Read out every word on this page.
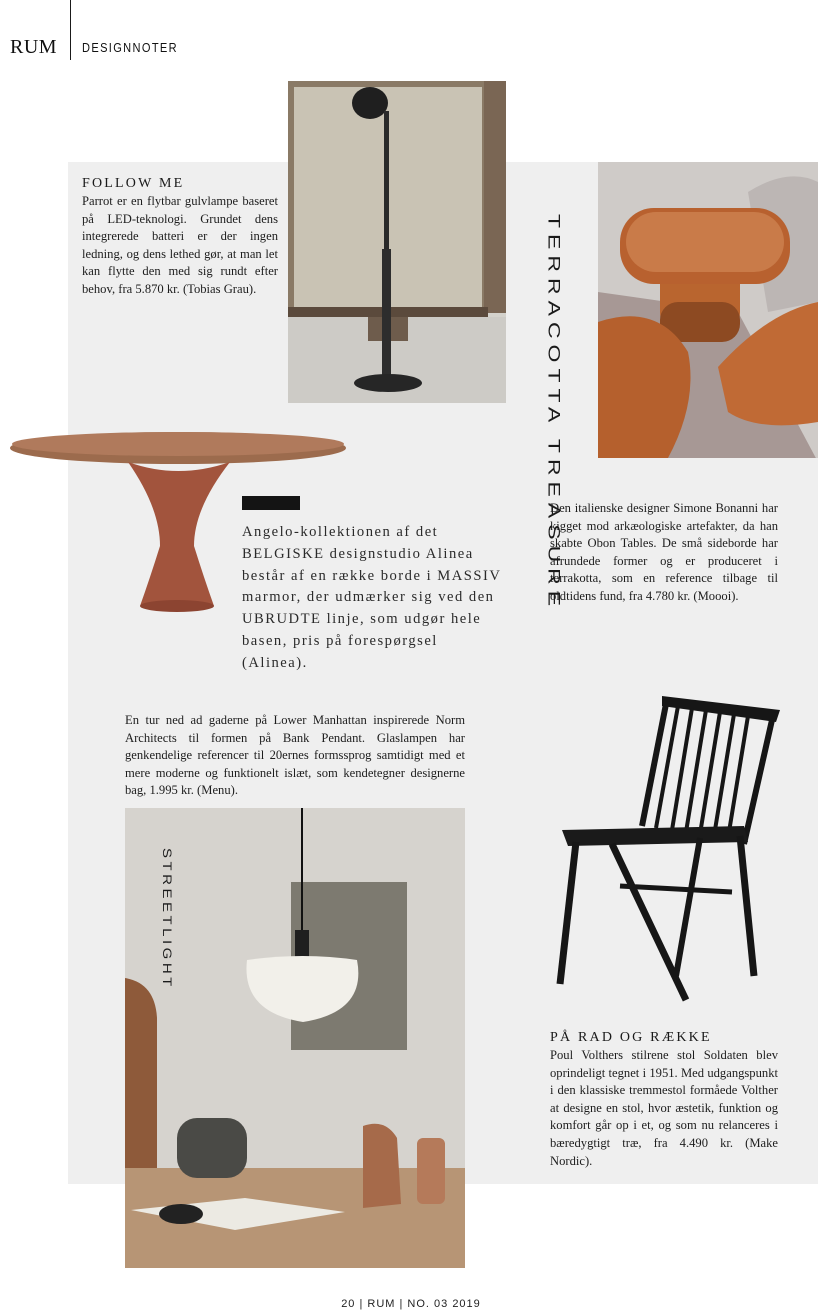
RUM DESIGNNOTER
FOLLOW ME
Parrot er en flytbar gulvlampe baseret på LED-teknologi. Grundet dens integrerede batteri er der ingen ledning, og dens lethed gør, at man let kan flytte den med sig rundt efter behov, fra 5.870 kr. (Tobias Grau).	TERRACOTTA TREASURE
Den italienske designer Simone Bonanni har kigget mod arkæologiske artefakter, da han skabte Obon Tables. De små sideborde har afrundede former og er produceret i terrakotta, som en reference tilbage til oldtidens fund, fra 4.780 kr. (Moooi).
Angelo-kollektionen af det BELGISKE designstudio Alinea består af en række borde i MASSIV marmor, der udmærker sig ved den UBRUDTE linje, som udgør hele basen, pris på forespørgsel (Alinea).
En tur ned ad gaderne på Lower Manhattan inspirerede Norm Architects til formen på Bank Pendant. Glaslampen har genkendelige referencer til 20ernes formssprog samtidigt med et mere moderne og funktionelt islæt, som kendetegner designerne bag, 1.995 kr. (Menu).
STREETLIGHT
PÅ RAD OG RÆKKE
Poul Volthers stilrene stol Soldaten blev oprindeligt tegnet i 1951. Med udgangspunkt i den klassiske tremmestol formåede Volther at designe en stol, hvor æstetik, funktion og komfort går op i et, og som nu relanceres i bæredygtigt træ, fra 4.490 kr. (Make Nordic).
20 | RUM | NO. 03 2019
